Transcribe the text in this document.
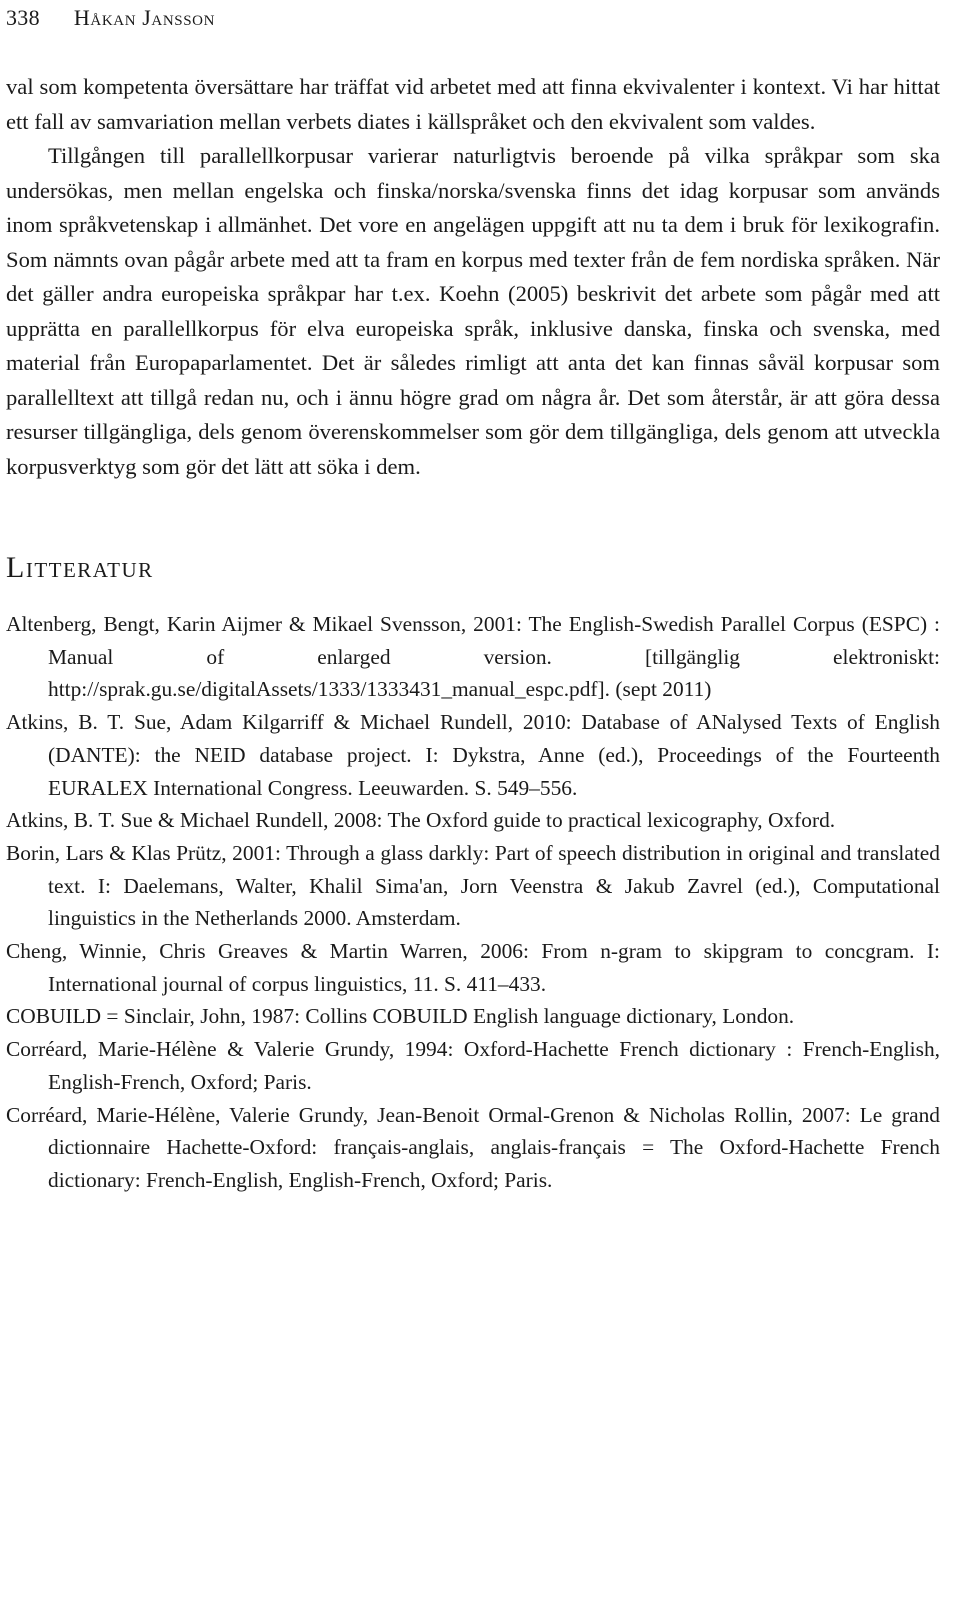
338 Håkan Jansson

val som kompetenta översättare har träffat vid arbetet med att finna ekvivalenter i kontext. Vi har hittat ett fall av samvariation mellan verbets diates i källspråket och den ekvivalent som valdes.

Tillgången till parallellkorpusar varierar naturligtvis beroende på vilka språkpar som ska undersökas, men mellan engelska och finska/norska/svenska finns det idag korpusar som används inom språkvetenskap i allmänhet. Det vore en angelägen uppgift att nu ta dem i bruk för lexikografin. Som nämnts ovan pågår arbete med att ta fram en korpus med texter från de fem nordiska språken. När det gäller andra europeiska språkpar har t.ex. Koehn (2005) beskrivit det arbete som pågår med att upprätta en parallellkorpus för elva europeiska språk, inklusive danska, finska och svenska, med material från Europaparlamentet. Det är således rimligt att anta det kan finnas såväl korpusar som parallelltext att tillgå redan nu, och i ännu högre grad om några år. Det som återstår, är att göra dessa resurser tillgängliga, dels genom överenskommelser som gör dem tillgängliga, dels genom att utveckla korpusverktyg som gör det lätt att söka i dem.

Litteratur
Altenberg, Bengt, Karin Aijmer & Mikael Svensson, 2001: The English-Swedish Parallel Corpus (ESPC) : Manual of enlarged version. [tillgänglig elektroniskt: http://sprak.gu.se/digitalAssets/1333/1333431_manual_espc.pdf]. (sept 2011)
Atkins, B. T. Sue, Adam Kilgarriff & Michael Rundell, 2010: Database of ANalysed Texts of English (DANTE): the NEID database project. I: Dykstra, Anne (ed.), Proceedings of the Fourteenth EURALEX International Congress. Leeuwarden. S. 549–556.
Atkins, B. T. Sue & Michael Rundell, 2008: The Oxford guide to practical lexicography, Oxford.
Borin, Lars & Klas Prütz, 2001: Through a glass darkly: Part of speech distribution in original and translated text. I: Daelemans, Walter, Khalil Sima'an, Jorn Veenstra & Jakub Zavrel (ed.), Computational linguistics in the Netherlands 2000. Amsterdam.
Cheng, Winnie, Chris Greaves & Martin Warren, 2006: From n-gram to skipgram to concgram. I: International journal of corpus linguistics, 11. S. 411–433.
COBUILD = Sinclair, John, 1987: Collins COBUILD English language dictionary, London.
Corréard, Marie-Hélène & Valerie Grundy, 1994: Oxford-Hachette French dictionary : French-English, English-French, Oxford; Paris.
Corréard, Marie-Hélène, Valerie Grundy, Jean-Benoit Ormal-Grenon & Nicholas Rollin, 2007: Le grand dictionnaire Hachette-Oxford: français-anglais, anglais-français = The Oxford-Hachette French dictionary: French-English, English-French, Oxford; Paris.
